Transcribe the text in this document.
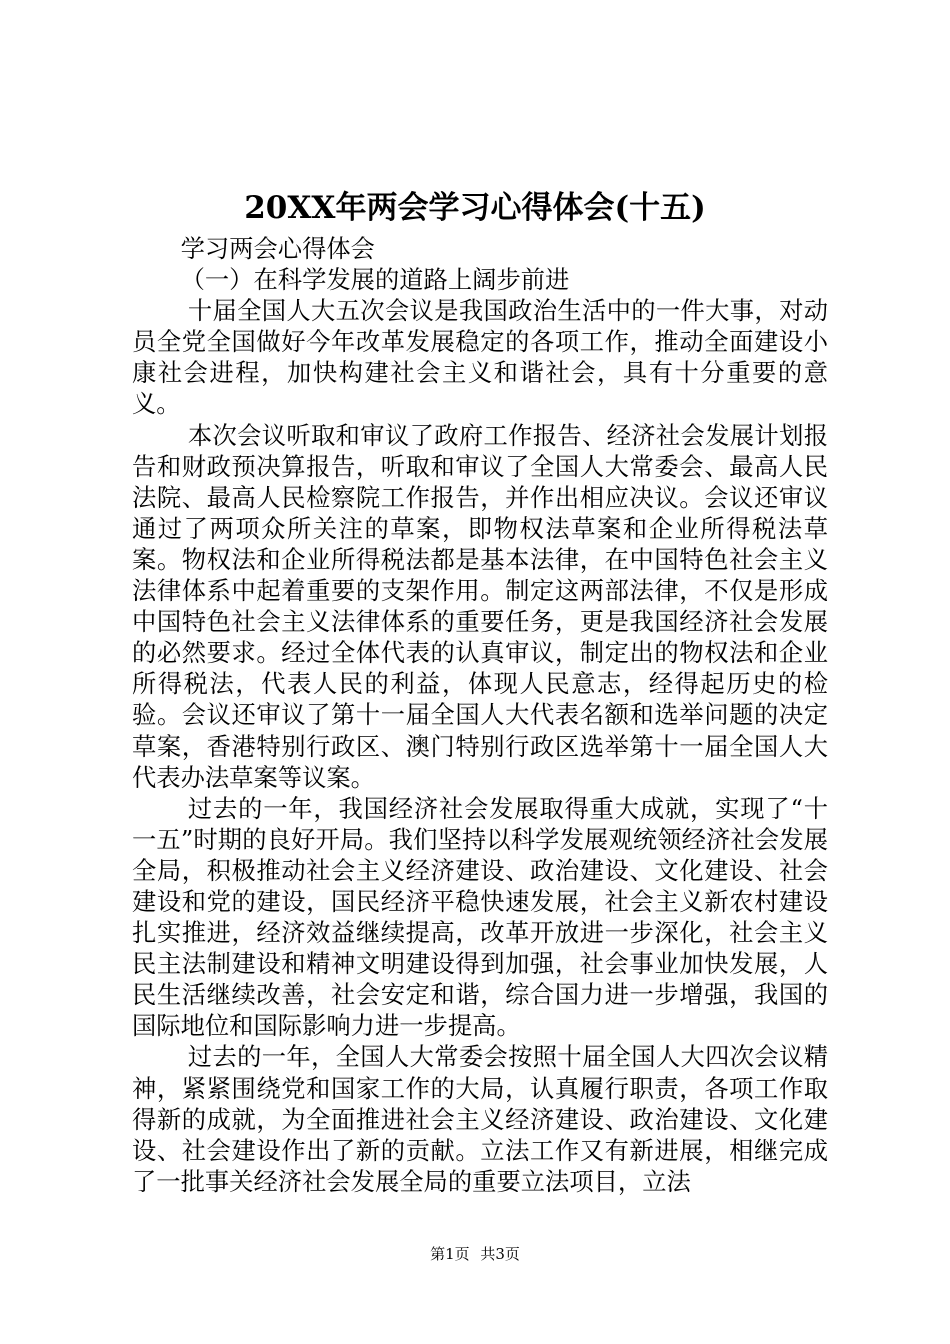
20XX年两会学习心得体会(十五)

学习两会心得体会

（一）在科学发展的道路上阔步前进

十届全国人大五次会议是我国政治生活中的一件大事，对动员全党全国做好今年改革发展稳定的各项工作，推动全面建设小康社会进程，加快构建社会主义和谐社会，具有十分重要的意义。

本次会议听取和审议了政府工作报告、经济社会发展计划报告和财政预决算报告，听取和审议了全国人大常委会、最高人民法院、最高人民检察院工作报告，并作出相应决议。会议还审议通过了两项众所关注的草案，即物权法草案和企业所得税法草案。物权法和企业所得税法都是基本法律，在中国特色社会主义法律体系中起着重要的支架作用。制定这两部法律，不仅是形成中国特色社会主义法律体系的重要任务，更是我国经济社会发展的必然要求。经过全体代表的认真审议，制定出的物权法和企业所得税法，代表人民的利益，体现人民意志，经得起历史的检验。会议还审议了第十一届全国人大代表名额和选举问题的决定草案，香港特别行政区、澳门特别行政区选举第十一届全国人大代表办法草案等议案。

过去的一年，我国经济社会发展取得重大成就，实现了“十一五”时期的良好开局。我们坚持以科学发展观统领经济社会发展全局，积极推动社会主义经济建设、政治建设、文化建设、社会建设和党的建设，国民经济平稳快速发展，社会主义新农村建设扎实推进，经济效益继续提高，改革开放进一步深化，社会主义民主法制建设和精神文明建设得到加强，社会事业加快发展，人民生活继续改善，社会安定和谐，综合国力进一步增强，我国的国际地位和国际影响力进一步提高。

过去的一年，全国人大常委会按照十届全国人大四次会议精神，紧紧围绕党和国家工作的大局，认真履行职责，各项工作取得新的成就，为全面推进社会主义经济建设、政治建设、文化建设、社会建设作出了新的贡献。立法工作又有新进展，相继完成了一批事关经济社会发展全局的重要立法项目，立法

第1页 共3页
